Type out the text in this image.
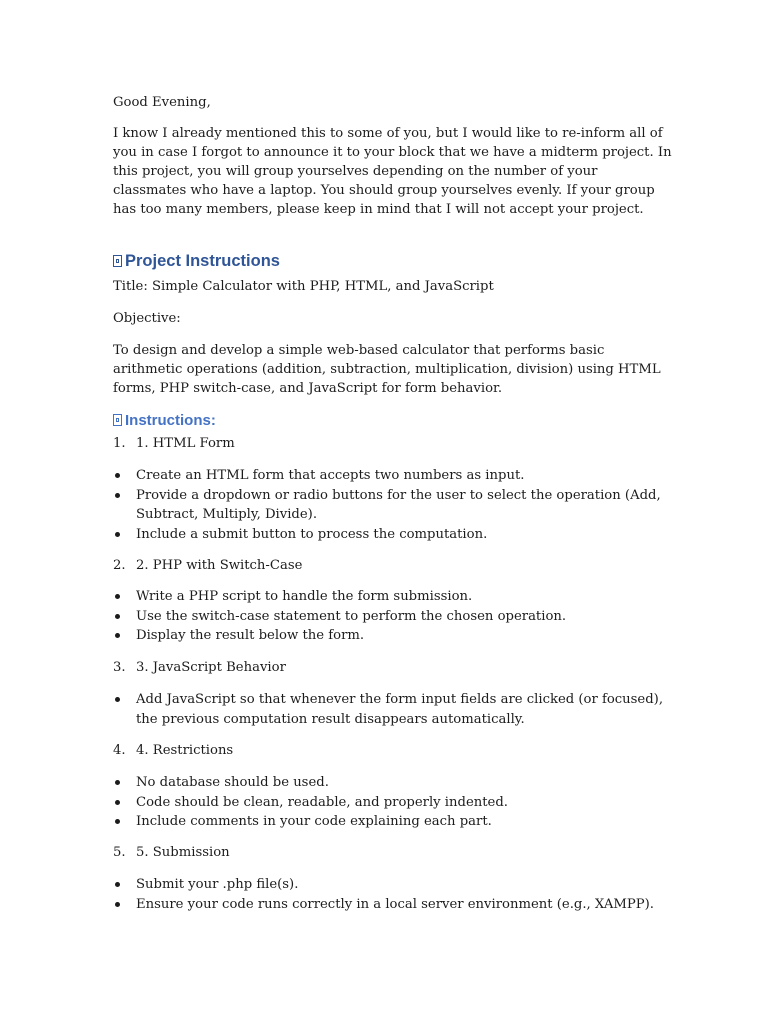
Good Evening,

I know I already mentioned this to some of you, but I would like to re-inform all of you in case I forgot to announce it to your block that we have a midterm project. In this project, you will group yourselves depending on the number of your classmates who have a laptop. You should group yourselves evenly. If your group has too many members, please keep in mind that I will not accept your project.

Project Instructions

Title: Simple Calculator with PHP, HTML, and JavaScript

Objective:

To design and develop a simple web-based calculator that performs basic arithmetic operations (addition, subtraction, multiplication, division) using HTML forms, PHP switch-case, and JavaScript for form behavior.

Instructions:

1. 1. HTML Form

Create an HTML form that accepts two numbers as input.
Provide a dropdown or radio buttons for the user to select the operation (Add, Subtract, Multiply, Divide).
Include a submit button to process the computation.

2. 2. PHP with Switch-Case

Write a PHP script to handle the form submission.
Use the switch-case statement to perform the chosen operation.
Display the result below the form.

3. 3. JavaScript Behavior

Add JavaScript so that whenever the form input fields are clicked (or focused), the previous computation result disappears automatically.

4. 4. Restrictions

No database should be used.
Code should be clean, readable, and properly indented.
Include comments in your code explaining each part.

5. 5. Submission

Submit your .php file(s).
Ensure your code runs correctly in a local server environment (e.g., XAMPP).
